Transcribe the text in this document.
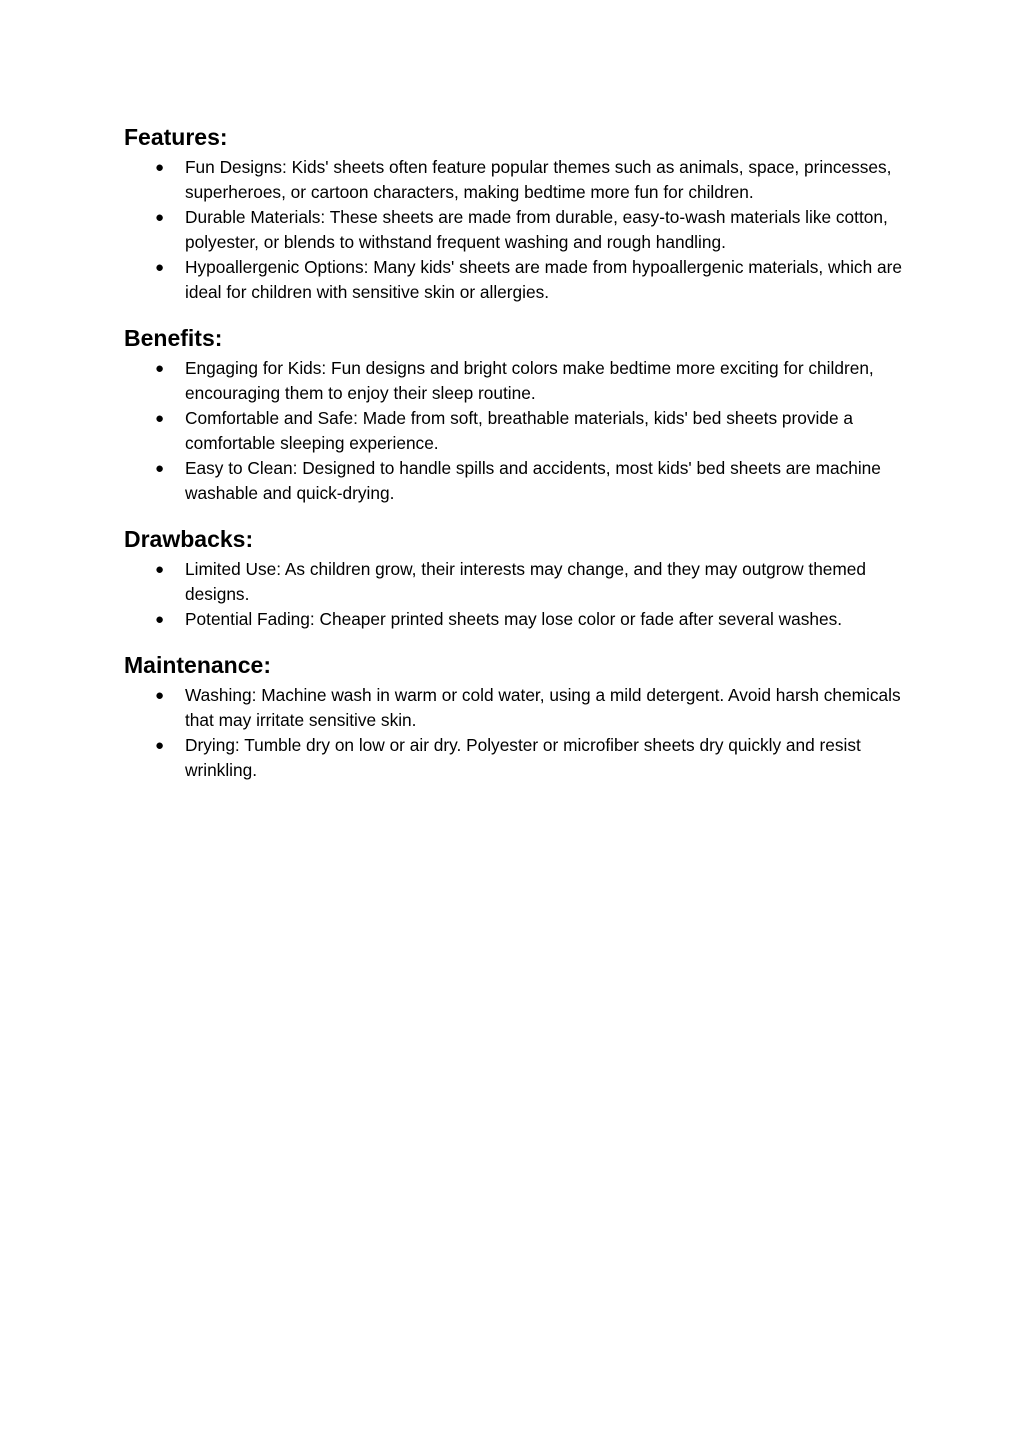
Features:
● Fun Designs: Kids' sheets often feature popular themes such as animals, space, princesses, superheroes, or cartoon characters, making bedtime more fun for children.
● Durable Materials: These sheets are made from durable, easy-to-wash materials like cotton, polyester, or blends to withstand frequent washing and rough handling.
● Hypoallergenic Options: Many kids' sheets are made from hypoallergenic materials, which are ideal for children with sensitive skin or allergies.
Benefits:
● Engaging for Kids: Fun designs and bright colors make bedtime more exciting for children, encouraging them to enjoy their sleep routine.
● Comfortable and Safe: Made from soft, breathable materials, kids' bed sheets provide a comfortable sleeping experience.
● Easy to Clean: Designed to handle spills and accidents, most kids' bed sheets are machine washable and quick-drying.
Drawbacks:
● Limited Use: As children grow, their interests may change, and they may outgrow themed designs.
● Potential Fading: Cheaper printed sheets may lose color or fade after several washes.
Maintenance:
● Washing: Machine wash in warm or cold water, using a mild detergent. Avoid harsh chemicals that may irritate sensitive skin.
● Drying: Tumble dry on low or air dry. Polyester or microfiber sheets dry quickly and resist wrinkling.
